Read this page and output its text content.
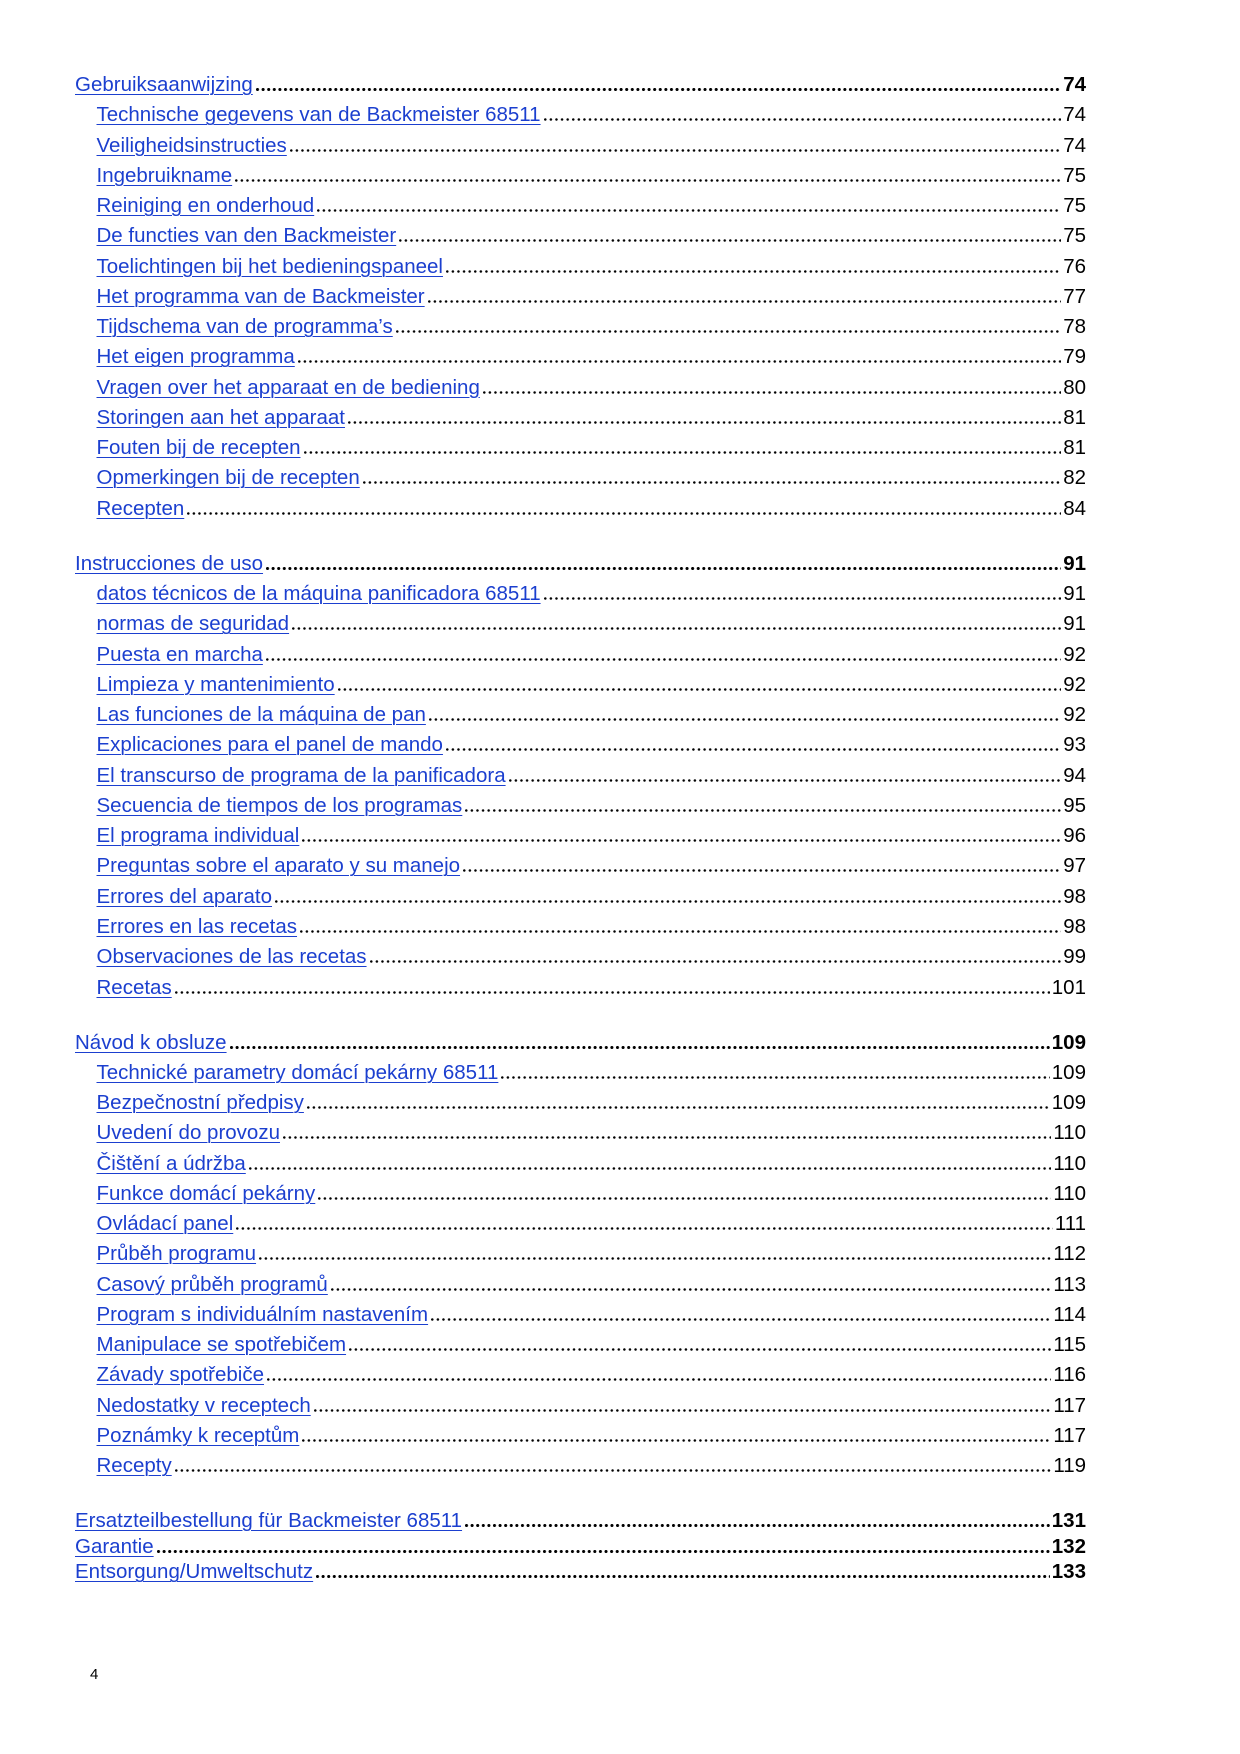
Gebruiksaanwijzing	74
Technische gegevens van de Backmeister 68511	74
Veiligheidsinstructies	74
Ingebruikname	75
Reiniging en onderhoud	75
De functies van den Backmeister	75
Toelichtingen bij het bedieningspaneel	76
Het programma van de Backmeister	77
Tijdschema van de programma’s	78
Het eigen programma	79
Vragen over het apparaat en de bediening	80
Storingen aan het apparaat	81
Fouten bij de recepten	81
Opmerkingen bij de recepten	82
Recepten	84
Instrucciones de uso	91
datos técnicos de la máquina panificadora 68511	91
normas de seguridad	91
Puesta en marcha	92
Limpieza y mantenimiento	92
Las funciones de la máquina de pan	92
Explicaciones para el panel de mando	93
El transcurso de programa de la panificadora	94
Secuencia de tiempos de los programas	95
El programa individual	96
Preguntas sobre el aparato y su manejo	97
Errores del aparato	98
Errores en las recetas	98
Observaciones de las recetas	99
Recetas	101
Návod k obsluze	109
Technické parametry domácí pekárny 68511	109
Bezpečnostní předpisy	109
Uvedení do provozu	110
Čištění a údržba	110
Funkce domácí pekárny	110
Ovládací panel	111
Průběh programu	112
Casový průběh programů	113
Program s individuálním nastavením	114
Manipulace se spotřebičem	115
Závady spotřebiče	116
Nedostatky v receptech	117
Poznámky k receptům	117
Recepty	119
Ersatzteilbestellung für Backmeister 68511	131
Garantie	132
Entsorgung/Umweltschutz	133
4
